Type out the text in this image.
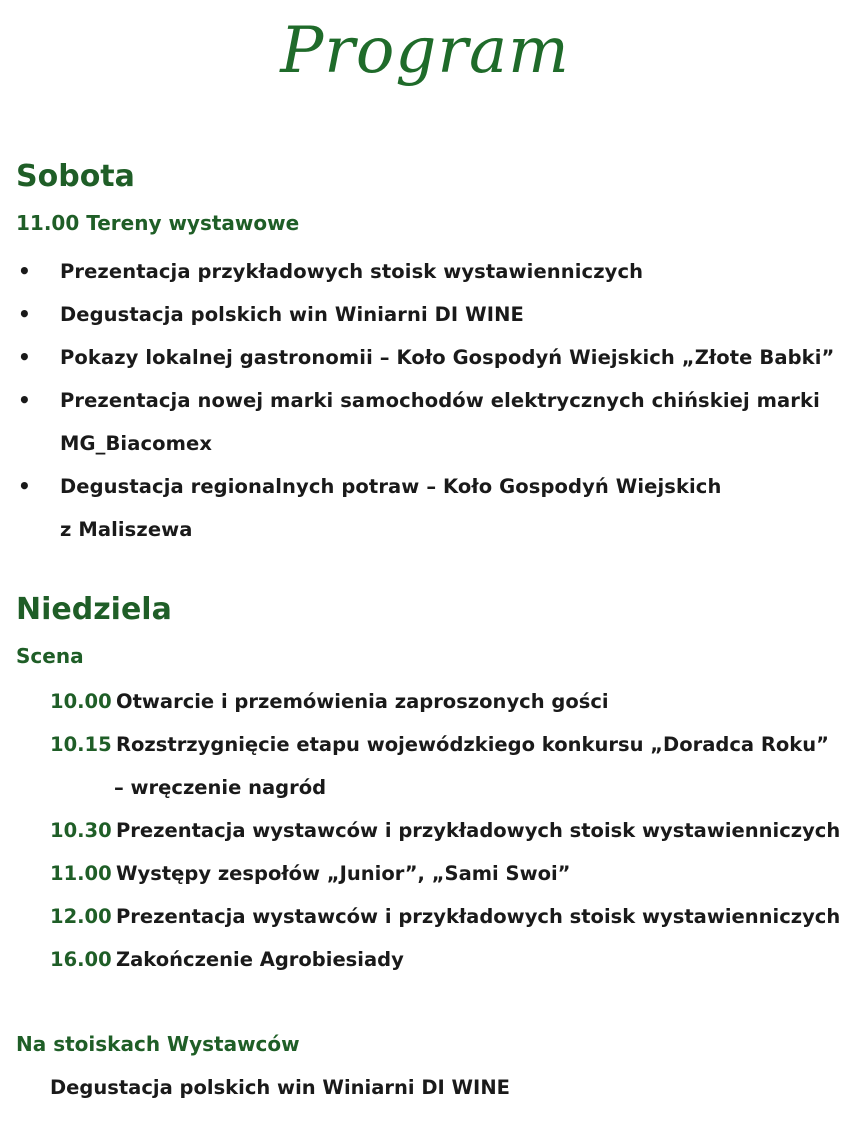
Program
Sobota
11.00 Tereny wystawowe
• Prezentacja przykładowych stoisk wystawienniczych
• Degustacja polskich win Winiarni DI WINE
• Pokazy lokalnej gastronomii – Koło Gospodyń Wiejskich „Złote Babki”
• Prezentacja nowej marki samochodów elektrycznych chińskiej marki
MG_Biacomex
• Degustacja regionalnych potraw – Koło Gospodyń Wiejskich
z Maliszewa
Niedziela
Scena
10.00 Otwarcie i przemówienia zaproszonych gości
10.15 Rozstrzygnięcie etapu wojewódzkiego konkursu „Doradca Roku”
– wręczenie nagród
10.30 Prezentacja wystawców i przykładowych stoisk wystawienniczych
11.00 Występy zespołów „Junior”, „Sami Swoi”
12.00 Prezentacja wystawców i przykładowych stoisk wystawienniczych
16.00 Zakończenie Agrobiesiady
Na stoiskach Wystawców
Degustacja polskich win Winiarni DI WINE
